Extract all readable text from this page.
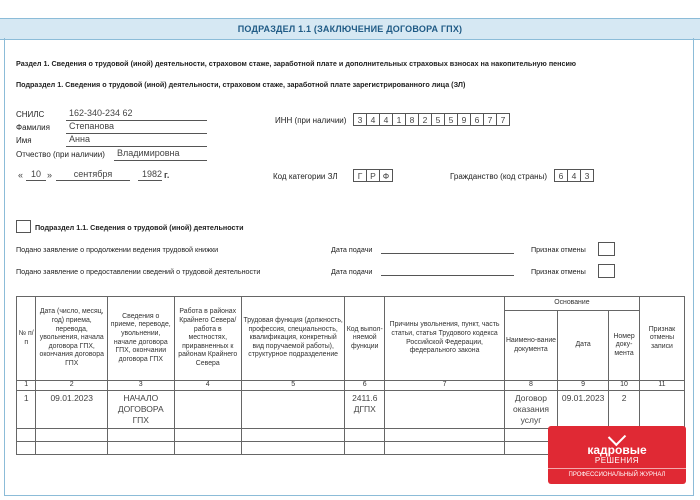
ПОДРАЗДЕЛ 1.1 (ЗАКЛЮЧЕНИЕ ДОГОВОРА ГПХ)
Раздел 1. Сведения о трудовой (иной) деятельности, страховом стаже, заработной плате и дополнительных страховых взносах на накопительную пенсию
Подраздел 1. Сведения о трудовой (иной) деятельности, страховом стаже, заработной плате зарегистрированного лица (ЗЛ)
СНИЛС	162-340-234 62
Фамилия	Степанова
Имя	Анна
Отчество (при наличии)	Владимировна
ИНН (при наличии)	3 4 4 1 8 2 5 5 9 6 7 7
« 10 »	сентября	1982 г.	Код категории ЗЛ	Г Р Ф	Гражданство (код страны)	6 4 3
Подраздел 1.1. Сведения о трудовой (иной) деятельности
Подано заявление о продолжении ведения трудовой книжки	Дата подачи	Признак отмены
Подано заявление о предоставлении сведений о трудовой деятельности	Дата подачи	Признак отмены
№ п/п	Дата (число, месяц, год) приема, перевода, увольнения, начала договора ГПХ, окончания договора ГПХ	Сведения о приеме, переводе, увольнении, начале договора ГПХ, окончании договора ГПХ	Работа в районах Крайнего Севера/работа в местностях, приравненных к районам Крайнего Севера	Трудовая функция (должность, профессия, специальность, квалификация, конкретный вид поручаемой работы), структурное подразделение	Код выпол-няемой функции	Причины увольнения, пункт, часть статьи, статья Трудового кодекса Российской Федерации, федерального закона	Основание			Признак отмены записи
							Наимено-вание документа	Дата	Номер доку-мента	
1	2	3	4	5	6	7	8	9	10	11
1	09.01.2023	НАЧАЛО ДОГОВОРА ГПХ			2411.6 ДГПХ		Договор оказания услуг	09.01.2023	2	

кадровые
РЕШЕНИЯ
ПРОФЕССИОНАЛЬНЫЙ ЖУРНАЛ
